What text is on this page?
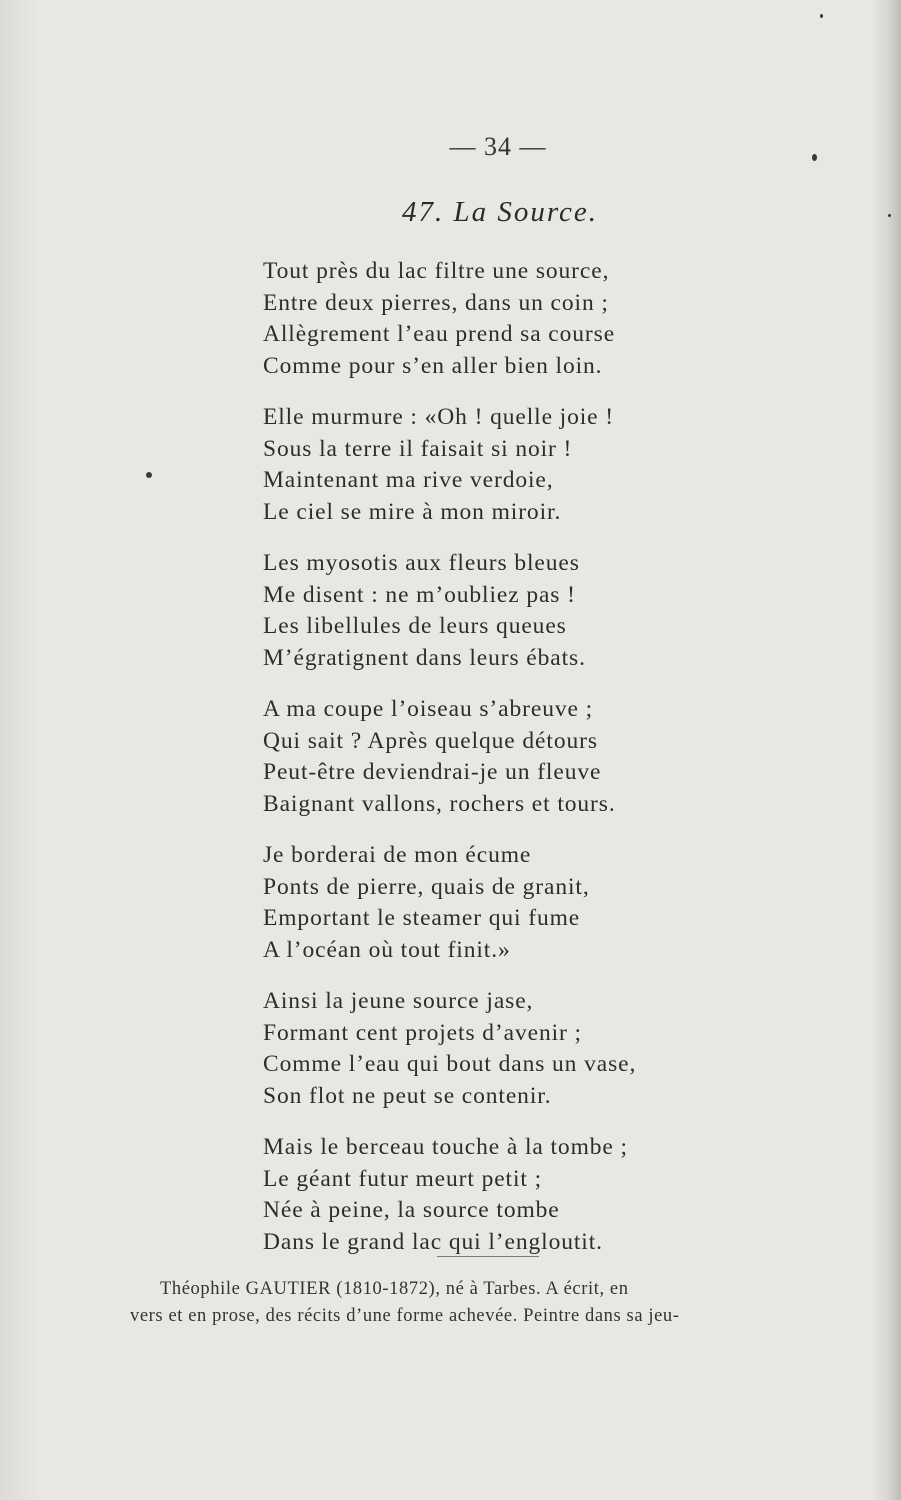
— 34 —
47. La Source.
Tout près du lac filtre une source,
Entre deux pierres, dans un coin ;
Allègrement l’eau prend sa course
Comme pour s’en aller bien loin.
Elle murmure : «Oh ! quelle joie !
Sous la terre il faisait si noir !
Maintenant ma rive verdoie,
Le ciel se mire à mon miroir.
Les myosotis aux fleurs bleues
Me disent : ne m’oubliez pas !
Les libellules de leurs queues
M’égratignent dans leurs ébats.
A ma coupe l’oiseau s’abreuve ;
Qui sait ? Après quelque détours
Peut-être deviendrai-je un fleuve
Baignant vallons, rochers et tours.
Je borderai de mon écume
Ponts de pierre, quais de granit,
Emportant le steamer qui fume
A l’océan où tout finit.»
Ainsi la jeune source jase,
Formant cent projets d’avenir ;
Comme l’eau qui bout dans un vase,
Son flot ne peut se contenir.
Mais le berceau touche à la tombe ;
Le géant futur meurt petit ;
Née à peine, la source tombe
Dans le grand lac qui l’engloutit.
Théophile GAUTIER (1810-1872), né à Tarbes. A écrit, en
vers et en prose, des récits d’une forme achevée. Peintre dans sa jeu-
